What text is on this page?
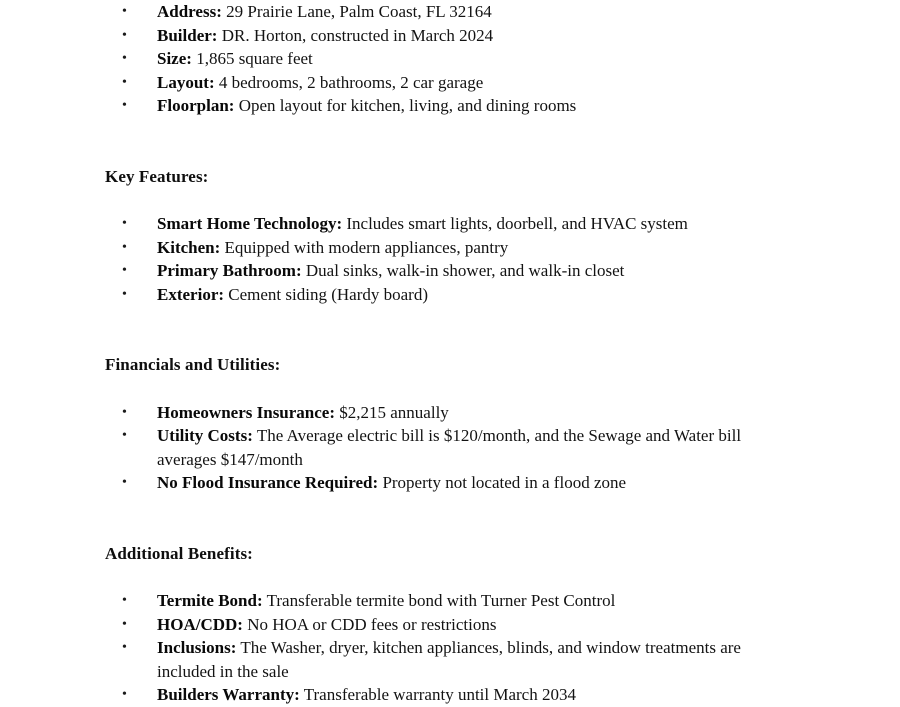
• Address: 29 Prairie Lane, Palm Coast, FL 32164
• Builder: DR. Horton, constructed in March 2024
• Size: 1,865 square feet
• Layout: 4 bedrooms, 2 bathrooms, 2 car garage
• Floorplan: Open layout for kitchen, living, and dining rooms
Key Features:
• Smart Home Technology: Includes smart lights, doorbell, and HVAC system
• Kitchen: Equipped with modern appliances, pantry
• Primary Bathroom: Dual sinks, walk-in shower, and walk-in closet
• Exterior: Cement siding (Hardy board)
Financials and Utilities:
• Homeowners Insurance: $2,215 annually
• Utility Costs: The Average electric bill is $120/month, and the Sewage and Water bill averages $147/month
• No Flood Insurance Required: Property not located in a flood zone
Additional Benefits:
• Termite Bond: Transferable termite bond with Turner Pest Control
• HOA/CDD: No HOA or CDD fees or restrictions
• Inclusions: The Washer, dryer, kitchen appliances, blinds, and window treatments are included in the sale
• Builders Warranty: Transferable warranty until March 2034
